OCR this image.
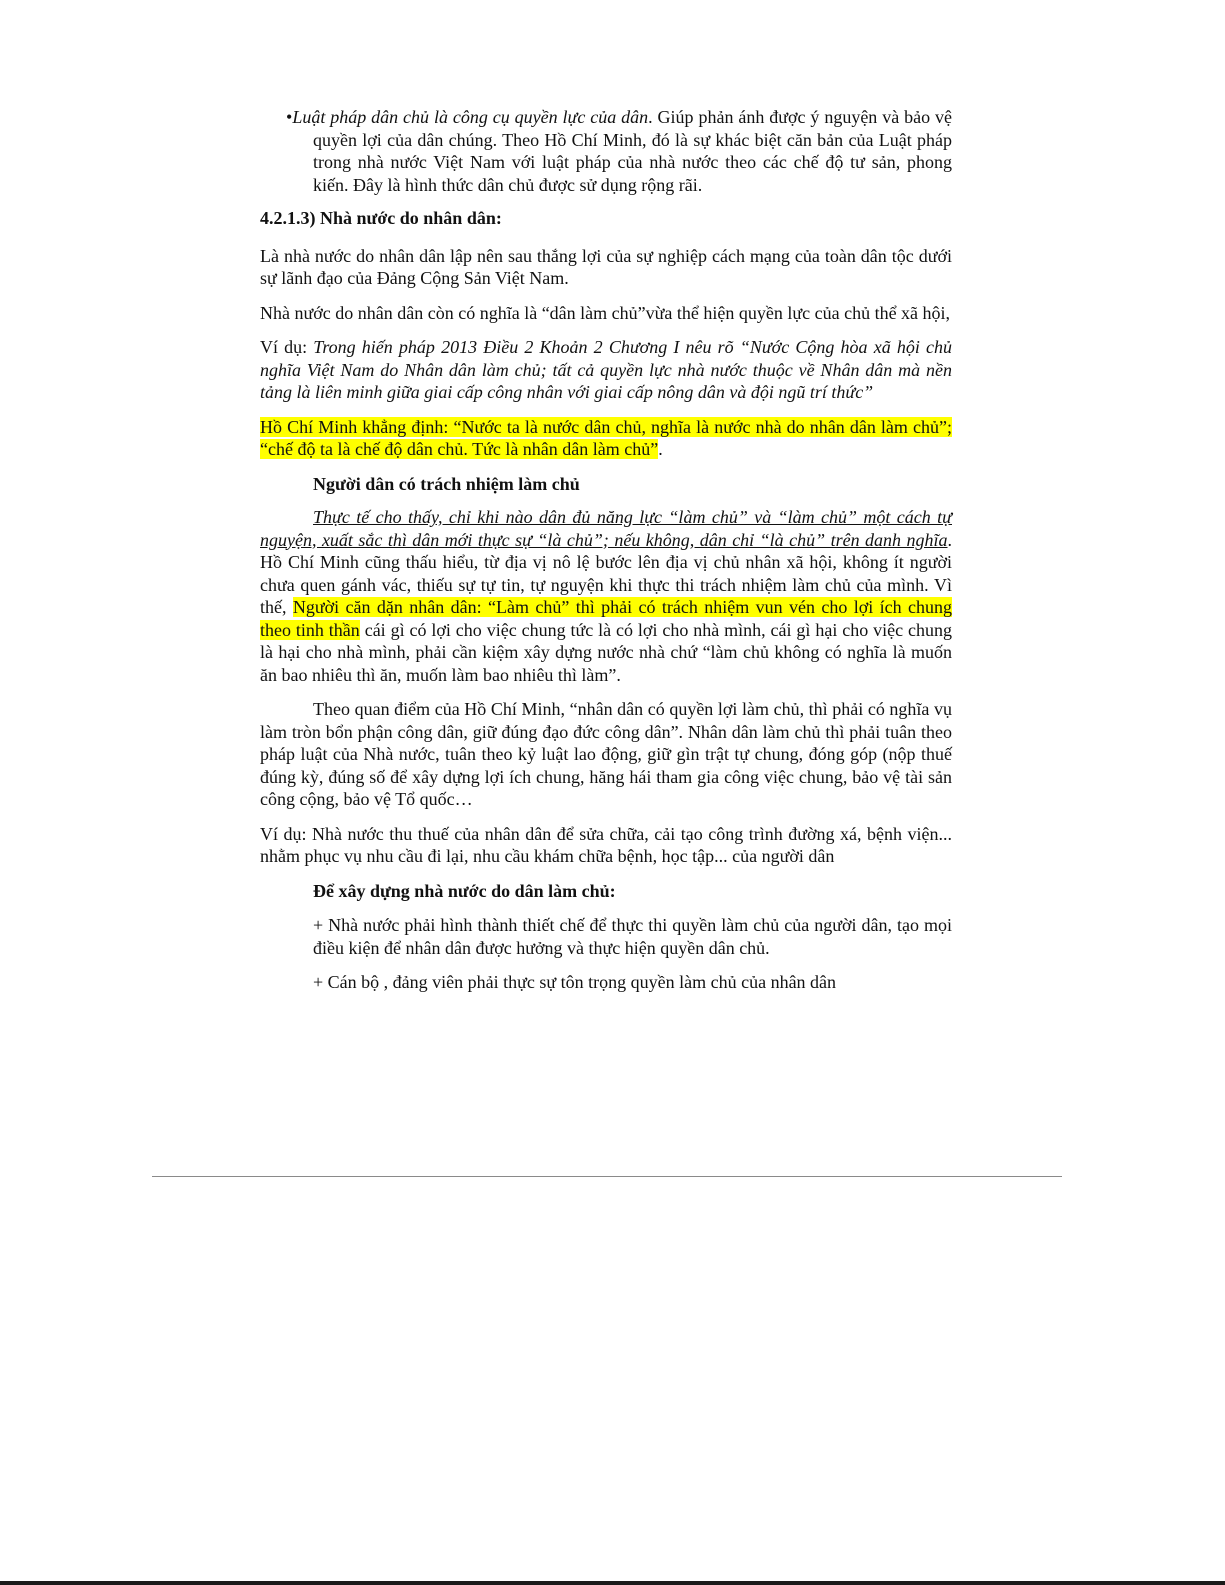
•Luật pháp dân chủ là công cụ quyền lực của dân. Giúp phản ánh được ý nguyện và bảo vệ quyền lợi của dân chúng. Theo Hồ Chí Minh, đó là sự khác biệt căn bản của Luật pháp trong nhà nước Việt Nam với luật pháp của nhà nước theo các chế độ tư sản, phong kiến. Đây là hình thức dân chủ được sử dụng rộng rãi.

4.2.1.3) Nhà nước do nhân dân:

Là nhà nước do nhân dân lập nên sau thắng lợi của sự nghiệp cách mạng của toàn dân tộc dưới sự lãnh đạo của Đảng Cộng Sản Việt Nam.

Nhà nước do nhân dân còn có nghĩa là “dân làm chủ”vừa thể hiện quyền lực của chủ thể xã hội,

Ví dụ: Trong hiến pháp 2013 Điều 2 Khoản 2 Chương I nêu rõ “Nước Cộng hòa xã hội chủ nghĩa Việt Nam do Nhân dân làm chủ; tất cả quyền lực nhà nước thuộc về Nhân dân mà nền tảng là liên minh giữa giai cấp công nhân với giai cấp nông dân và đội ngũ trí thức”

Hồ Chí Minh khẳng định: “Nước ta là nước dân chủ, nghĩa là nước nhà do nhân dân làm chủ”; “chế độ ta là chế độ dân chủ. Tức là nhân dân làm chủ”.

Người dân có trách nhiệm làm chủ

Thực tế cho thấy, chỉ khi nào dân đủ năng lực “làm chủ” và “làm chủ” một cách tự nguyện, xuất sắc thì dân mới thực sự “là chủ”; nếu không, dân chỉ “là chủ” trên danh nghĩa. Hồ Chí Minh cũng thấu hiểu, từ địa vị nô lệ bước lên địa vị chủ nhân xã hội, không ít người chưa quen gánh vác, thiếu sự tự tin, tự nguyện khi thực thi trách nhiệm làm chủ của mình. Vì thế, Người căn dặn nhân dân: “Làm chủ” thì phải có trách nhiệm vun vén cho lợi ích chung theo tinh thần cái gì có lợi cho việc chung tức là có lợi cho nhà mình, cái gì hại cho việc chung là hại cho nhà mình, phải cần kiệm xây dựng nước nhà chứ “làm chủ không có nghĩa là muốn ăn bao nhiêu thì ăn, muốn làm bao nhiêu thì làm”.

Theo quan điểm của Hồ Chí Minh, “nhân dân có quyền lợi làm chủ, thì phải có nghĩa vụ làm tròn bổn phận công dân, giữ đúng đạo đức công dân”. Nhân dân làm chủ thì phải tuân theo pháp luật của Nhà nước, tuân theo kỷ luật lao động, giữ gìn trật tự chung, đóng góp (nộp thuế đúng kỳ, đúng số để xây dựng lợi ích chung, hăng hái tham gia công việc chung, bảo vệ tài sản công cộng, bảo vệ Tổ quốc…

Ví dụ: Nhà nước thu thuế của nhân dân để sửa chữa, cải tạo công trình đường xá, bệnh viện... nhằm phục vụ nhu cầu đi lại, nhu cầu khám chữa bệnh, học tập... của người dân

Để xây dựng nhà nước do dân làm chủ:

+ Nhà nước phải hình thành thiết chế để thực thi quyền làm chủ của người dân, tạo mọi điều kiện để nhân dân được hưởng và thực hiện quyền dân chủ.

+ Cán bộ , đảng viên phải thực sự tôn trọng quyền làm chủ của nhân dân
